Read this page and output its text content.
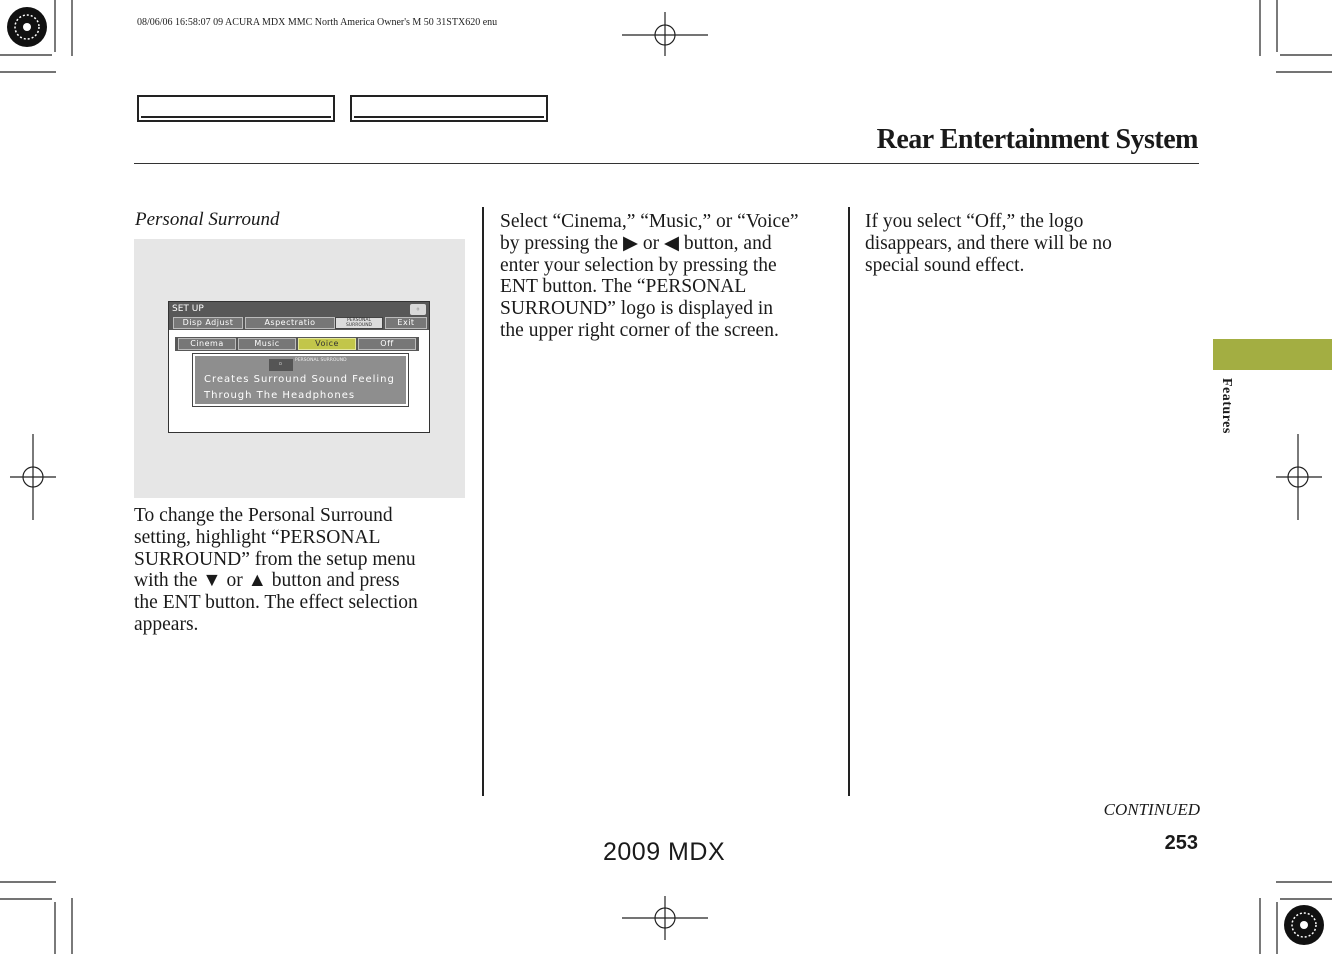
08/06/06 16:58:07 09 ACURA MDX MMC North America Owner's M 50 31STX620 enu
Rear Entertainment System
Personal Surround
SET UP	◦
Disp Adjust	Aspectratio	Exit
PERSONAL SURROUND
Cinema	Music	Voice	Off
◦	PERSONAL SURROUND
Creates Surround Sound Feeling
Through The Headphones
To change the Personal Surround
setting, highlight “PERSONAL
SURROUND” from the setup menu
with the ▼ or ▲ button and press
the ENT button. The effect selection
appears.
Select “Cinema,” “Music,” or “Voice”
by pressing the ▶ or ◀ button, and
enter your selection by pressing the
ENT button. The “PERSONAL
SURROUND” logo is displayed in
the upper right corner of the screen.
If you select “Off,” the logo
disappears, and there will be no
special sound effect.
Features
CONTINUED
253
2009 MDX
